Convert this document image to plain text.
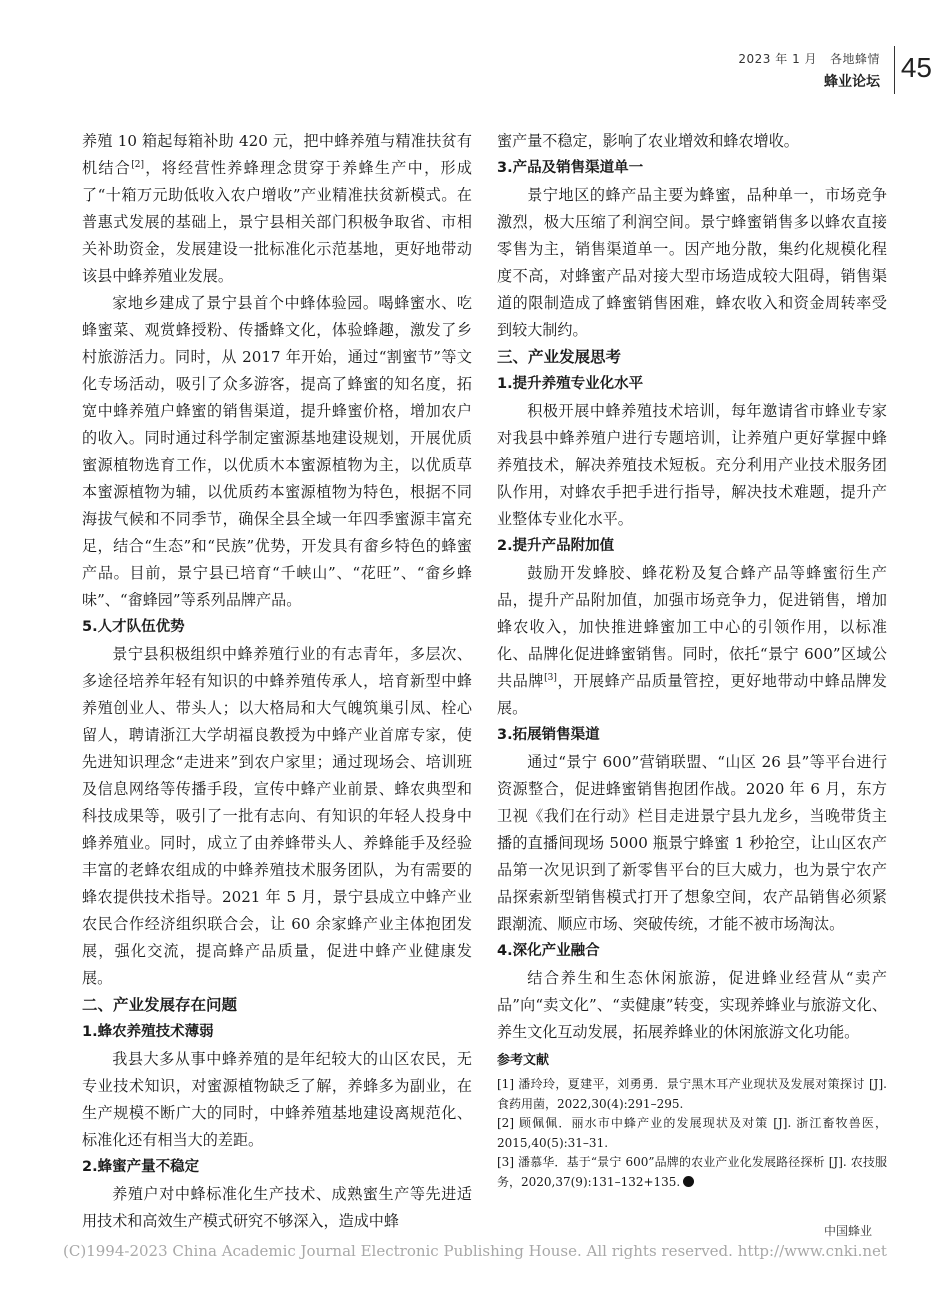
2023 年 1 月 各地蜂情
蜂业论坛 45

养殖 10 箱起每箱补助 420 元，把中蜂养殖与精准扶贫有机结合[2]，将经营性养蜂理念贯穿于养蜂生产中，形成了“十箱万元助低收入农户增收”产业精准扶贫新模式。在普惠式发展的基础上，景宁县相关部门积极争取省、市相关补助资金，发展建设一批标准化示范基地，更好地带动该县中蜂养殖业发展。

家地乡建成了景宁县首个中蜂体验园。喝蜂蜜水、吃蜂蜜菜、观赏蜂授粉、传播蜂文化，体验蜂趣，激发了乡村旅游活力。同时，从 2017 年开始，通过“割蜜节”等文化专场活动，吸引了众多游客，提高了蜂蜜的知名度，拓宽中蜂养殖户蜂蜜的销售渠道，提升蜂蜜价格，增加农户的收入。同时通过科学制定蜜源基地建设规划，开展优质蜜源植物选育工作，以优质木本蜜源植物为主，以优质草本蜜源植物为辅，以优质药本蜜源植物为特色，根据不同海拔气候和不同季节，确保全县全域一年四季蜜源丰富充足，结合“生态”和“民族”优势，开发具有畲乡特色的蜂蜜产品。目前，景宁县已培育“千峡山”、“花旺”、“畲乡蜂味”、“畲蜂园”等系列品牌产品。

5.人才队伍优势

景宁县积极组织中蜂养殖行业的有志青年，多层次、多途径培养年轻有知识的中蜂养殖传承人，培育新型中蜂养殖创业人、带头人；以大格局和大气魄筑巢引凤、栓心留人，聘请浙江大学胡福良教授为中蜂产业首席专家，使先进知识理念“走进来”到农户家里；通过现场会、培训班及信息网络等传播手段，宣传中蜂产业前景、蜂农典型和科技成果等，吸引了一批有志向、有知识的年轻人投身中蜂养殖业。同时，成立了由养蜂带头人、养蜂能手及经验丰富的老蜂农组成的中蜂养殖技术服务团队，为有需要的蜂农提供技术指导。2021 年 5 月，景宁县成立中蜂产业农民合作经济组织联合会，让 60 余家蜂产业主体抱团发展，强化交流，提高蜂产品质量，促进中蜂产业健康发展。

二、产业发展存在问题

1.蜂农养殖技术薄弱

我县大多从事中蜂养殖的是年纪较大的山区农民，无专业技术知识，对蜜源植物缺乏了解，养蜂多为副业，在生产规模不断广大的同时，中蜂养殖基地建设离规范化、标准化还有相当大的差距。

2.蜂蜜产量不稳定

养殖户对中蜂标准化生产技术、成熟蜜生产等先进适用技术和高效生产模式研究不够深入，造成中蜂

蜜产量不稳定，影响了农业增效和蜂农增收。

3.产品及销售渠道单一

景宁地区的蜂产品主要为蜂蜜，品种单一，市场竞争激烈，极大压缩了利润空间。景宁蜂蜜销售多以蜂农直接零售为主，销售渠道单一。因产地分散，集约化规模化程度不高，对蜂蜜产品对接大型市场造成较大阻碍，销售渠道的限制造成了蜂蜜销售困难，蜂农收入和资金周转率受到较大制约。

三、产业发展思考

1.提升养殖专业化水平

积极开展中蜂养殖技术培训，每年邀请省市蜂业专家对我县中蜂养殖户进行专题培训，让养殖户更好掌握中蜂养殖技术，解决养殖技术短板。充分利用产业技术服务团队作用，对蜂农手把手进行指导，解决技术难题，提升产业整体专业化水平。

2.提升产品附加值

鼓励开发蜂胶、蜂花粉及复合蜂产品等蜂蜜衍生产品，提升产品附加值，加强市场竞争力，促进销售，增加蜂农收入，加快推进蜂蜜加工中心的引领作用，以标准化、品牌化促进蜂蜜销售。同时，依托“景宁 600”区域公共品牌[3]，开展蜂产品质量管控，更好地带动中蜂品牌发展。

3.拓展销售渠道

通过“景宁 600”营销联盟、“山区 26 县”等平台进行资源整合，促进蜂蜜销售抱团作战。2020 年 6 月，东方卫视《我们在行动》栏目走进景宁县九龙乡，当晚带货主播的直播间现场 5000 瓶景宁蜂蜜 1 秒抢空，让山区农产品第一次见识到了新零售平台的巨大威力，也为景宁农产品探索新型销售模式打开了想象空间，农产品销售必须紧跟潮流、顺应市场、突破传统，才能不被市场淘汰。

4.深化产业融合

结合养生和生态休闲旅游，促进蜂业经营从“卖产品”向“卖文化”、“卖健康”转变，实现养蜂业与旅游文化、养生文化互动发展，拓展养蜂业的休闲旅游文化功能。

参考文献

[1] 潘玲玲，夏建平，刘勇勇．景宁黑木耳产业现状及发展对策探讨 [J]. 食药用菌，2022,30(4):291–295.

[2] 顾佩佩．丽水市中蜂产业的发展现状及对策 [J]. 浙江畜牧兽医，2015,40(5):31–31.

[3] 潘慕华．基于“景宁 600”品牌的农业产业化发展路径探析 [J]. 农技服务，2020,37(9):131–132+135.

中国蜂业
(C)1994-2023 China Academic Journal Electronic Publishing House. All rights reserved. http://www.cnki.net
